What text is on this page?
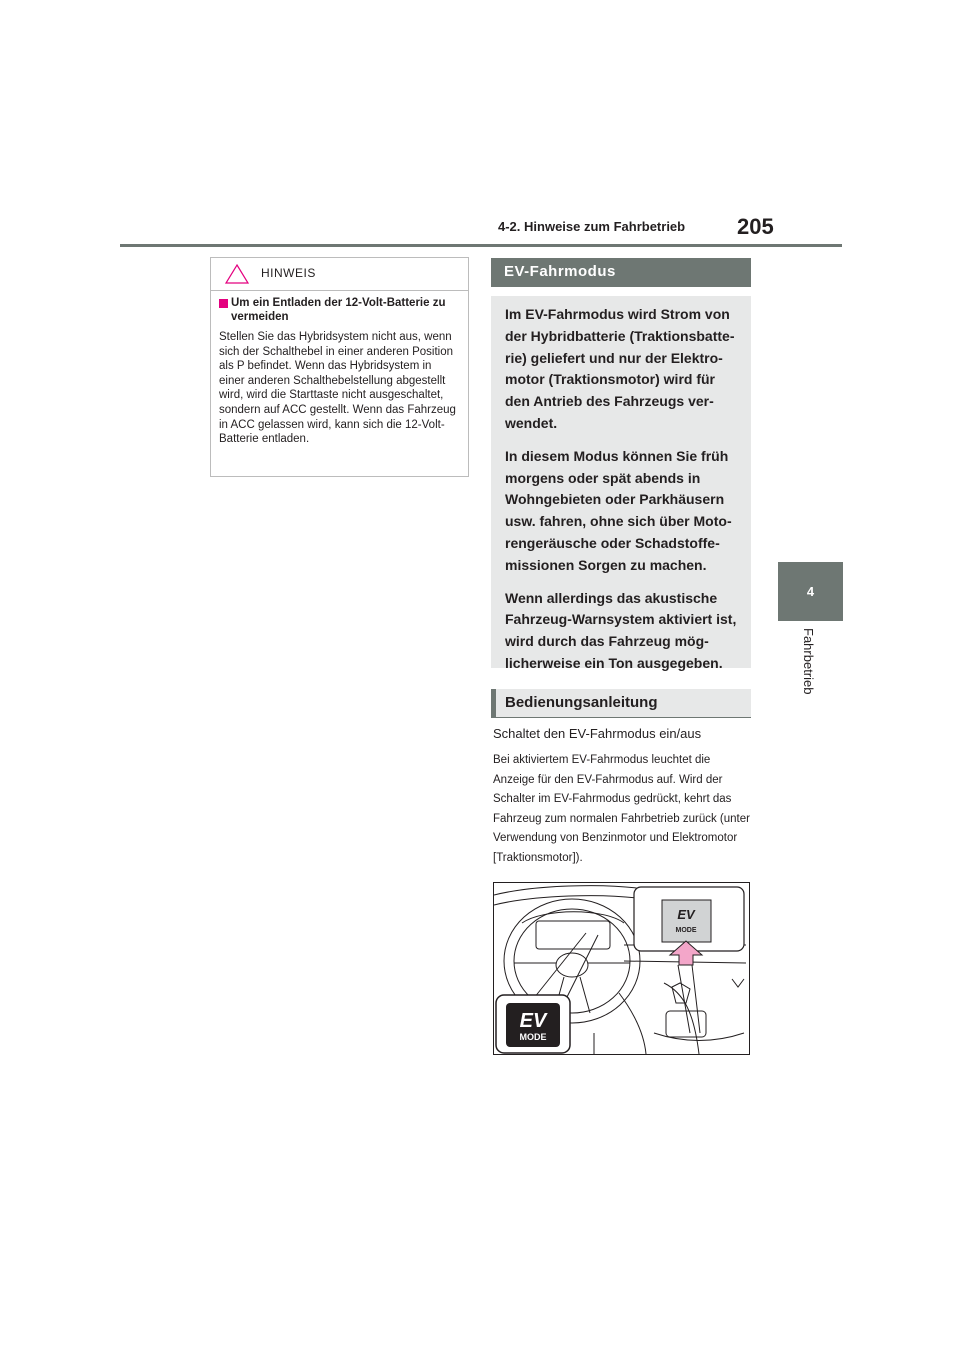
4-2. Hinweise zum Fahrbetrieb 205
4
Fahrbetrieb
HINWEIS
Um ein Entladen der 12-Volt-Batterie zu vermeiden
Stellen Sie das Hybridsystem nicht aus, wenn sich der Schalthebel in einer anderen Position als P befindet. Wenn das Hybridsystem in einer anderen Schalthebelstellung abgestellt wird, wird die Starttaste nicht ausgeschaltet, sondern auf ACC gestellt. Wenn das Fahrzeug in ACC gelassen wird, kann sich die 12-Volt-Batterie entladen.
EV-Fahrmodus

Im EV-Fahrmodus wird Strom von der Hybridbatterie (Traktionsbatterie) geliefert und nur der Elektromotor (Traktionsmotor) wird für den Antrieb des Fahrzeugs verwendet.

In diesem Modus können Sie früh morgens oder spät abends in Wohngebieten oder Parkhäusern usw. fahren, ohne sich über Motorengeräusche oder Schadstoffemissionen Sorgen zu machen.

Wenn allerdings das akustische Fahrzeug-Warnsystem aktiviert ist, wird durch das Fahrzeug möglicherweise ein Ton ausgegeben.

Bedienungsanleitung
Schaltet den EV-Fahrmodus ein/aus
Bei aktiviertem EV-Fahrmodus leuchtet die Anzeige für den EV-Fahrmodus auf. Wird der Schalter im EV-Fahrmodus gedrückt, kehrt das Fahrzeug zum normalen Fahrbetrieb zurück (unter Verwendung von Benzinmotor und Elektromotor [Traktionsmotor]).
EV
MODE
EV
MODE
